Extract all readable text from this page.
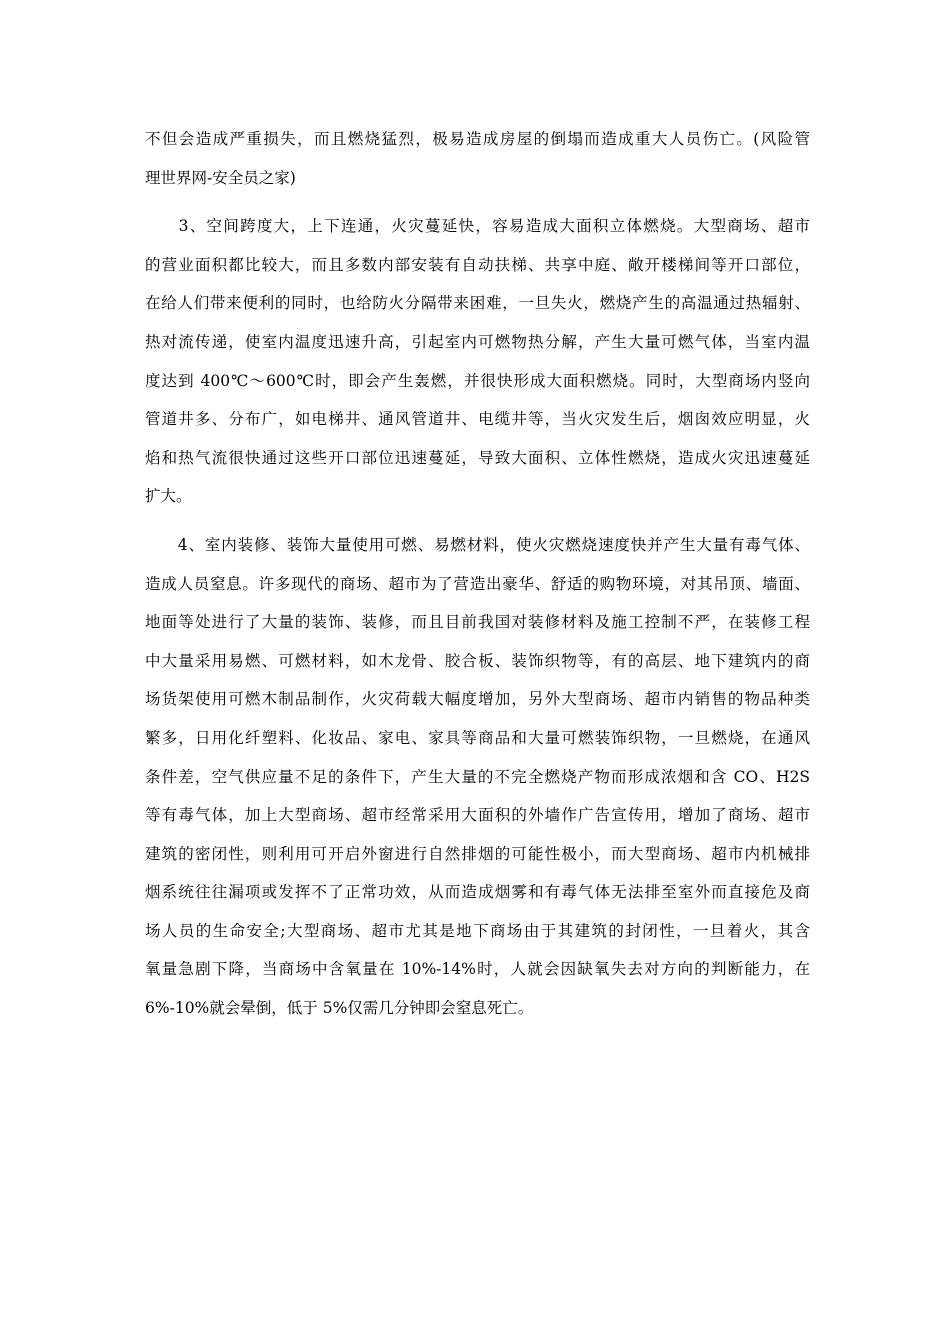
不但会造成严重损失，而且燃烧猛烈，极易造成房屋的倒塌而造成重大人员伤亡。(风险管
理世界网-安全员之家)
　　3、空间跨度大，上下连通，火灾蔓延快，容易造成大面积立体燃烧。大型商场、超市
的营业面积都比较大，而且多数内部安装有自动扶梯、共享中庭、敞开楼梯间等开口部位，
在给人们带来便利的同时，也给防火分隔带来困难，一旦失火，燃烧产生的高温通过热辐射、
热对流传递，使室内温度迅速升高，引起室内可燃物热分解，产生大量可燃气体，当室内温
度达到 400℃～600℃时，即会产生轰燃，并很快形成大面积燃烧。同时，大型商场内竖向
管道井多、分布广，如电梯井、通风管道井、电缆井等，当火灾发生后，烟囱效应明显，火
焰和热气流很快通过这些开口部位迅速蔓延，导致大面积、立体性燃烧，造成火灾迅速蔓延
扩大。
　　4、室内装修、装饰大量使用可燃、易燃材料，使火灾燃烧速度快并产生大量有毒气体、
造成人员窒息。许多现代的商场、超市为了营造出豪华、舒适的购物环境，对其吊顶、墙面、
地面等处进行了大量的装饰、装修，而且目前我国对装修材料及施工控制不严，在装修工程
中大量采用易燃、可燃材料，如木龙骨、胶合板、装饰织物等，有的高层、地下建筑内的商
场货架使用可燃木制品制作，火灾荷载大幅度增加，另外大型商场、超市内销售的物品种类
繁多，日用化纤塑料、化妆品、家电、家具等商品和大量可燃装饰织物，一旦燃烧，在通风
条件差，空气供应量不足的条件下，产生大量的不完全燃烧产物而形成浓烟和含 CO、H2S
等有毒气体，加上大型商场、超市经常采用大面积的外墙作广告宣传用，增加了商场、超市
建筑的密闭性，则利用可开启外窗进行自然排烟的可能性极小，而大型商场、超市内机械排
烟系统往往漏项或发挥不了正常功效，从而造成烟雾和有毒气体无法排至室外而直接危及商
场人员的生命安全;大型商场、超市尤其是地下商场由于其建筑的封闭性，一旦着火，其含
氧量急剧下降，当商场中含氧量在 10%-14%时，人就会因缺氧失去对方向的判断能力，在
6%-10%就会晕倒，低于 5%仅需几分钟即会窒息死亡。
